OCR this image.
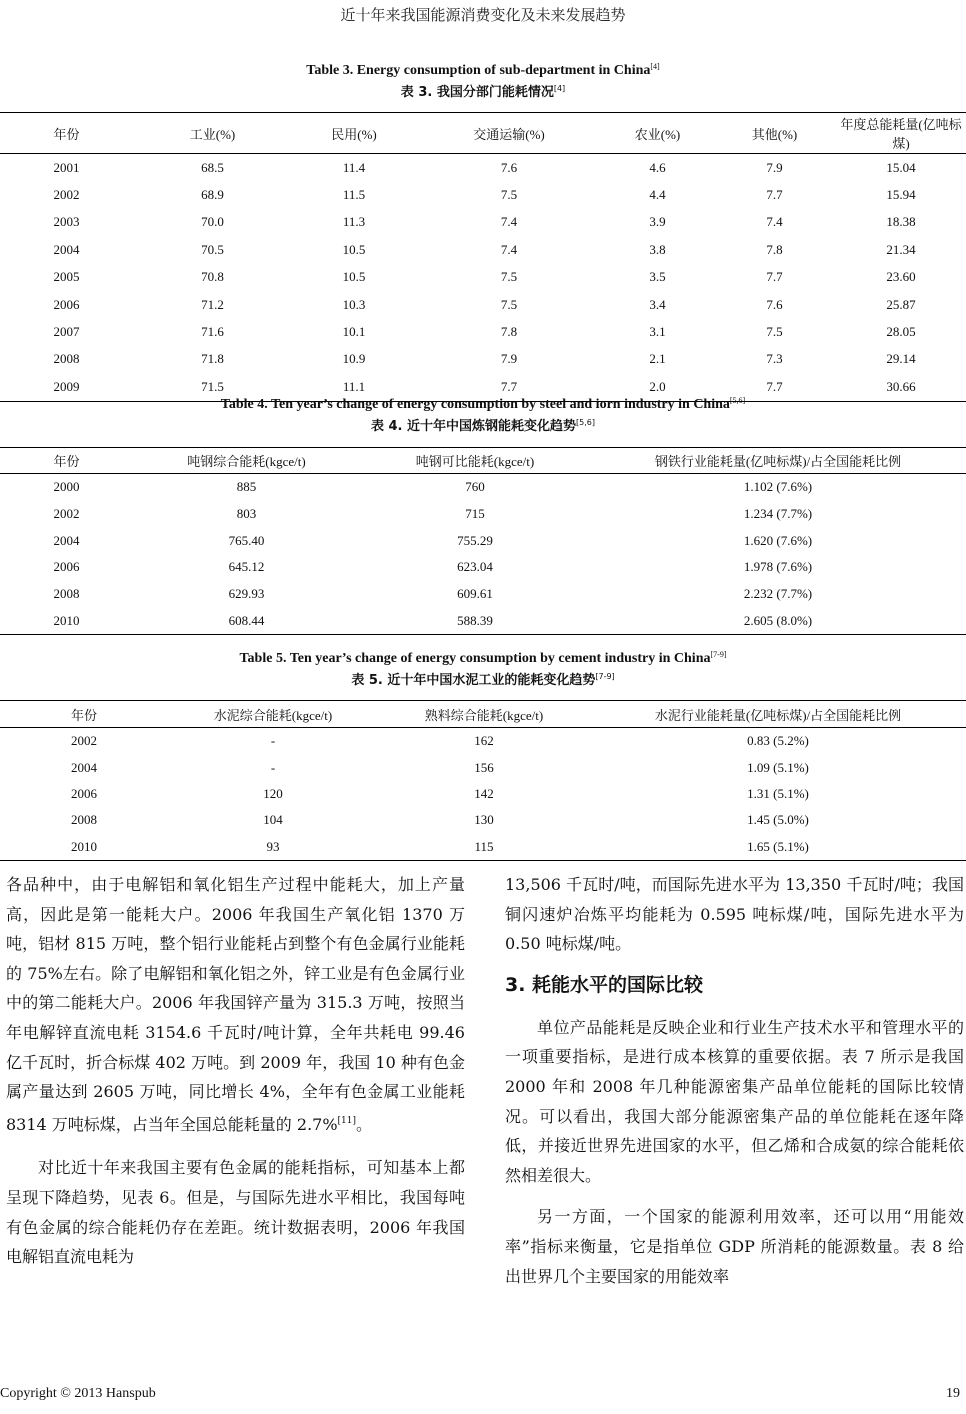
近十年来我国能源消费变化及未来发展趋势
Table 3. Energy consumption of sub-department in China[4]
表 3. 我国分部门能耗情况[4]
年份	工业(%)	民用(%)	交通运输(%)	农业(%)	其他(%)	年度总能耗量(亿吨标煤)
2001	68.5	11.4	7.6	4.6	7.9	15.04
2002	68.9	11.5	7.5	4.4	7.7	15.94
2003	70.0	11.3	7.4	3.9	7.4	18.38
2004	70.5	10.5	7.4	3.8	7.8	21.34
2005	70.8	10.5	7.5	3.5	7.7	23.60
2006	71.2	10.3	7.5	3.4	7.6	25.87
2007	71.6	10.1	7.8	3.1	7.5	28.05
2008	71.8	10.9	7.9	2.1	7.3	29.14
2009	71.5	11.1	7.7	2.0	7.7	30.66
Table 4. Ten year’s change of energy consumption by steel and iorn industry in China[5,6]
表 4. 近十年中国炼钢能耗变化趋势[5,6]
年份	吨钢综合能耗(kgce/t)	吨钢可比能耗(kgce/t)	钢铁行业能耗量(亿吨标煤)/占全国能耗比例
2000	885	760	1.102 (7.6%)
2002	803	715	1.234 (7.7%)
2004	765.40	755.29	1.620 (7.6%)
2006	645.12	623.04	1.978 (7.6%)
2008	629.93	609.61	2.232 (7.7%)
2010	608.44	588.39	2.605 (8.0%)
Table 5. Ten year’s change of energy consumption by cement industry in China[7-9]
表 5. 近十年中国水泥工业的能耗变化趋势[7-9]
年份	水泥综合能耗(kgce/t)	熟料综合能耗(kgce/t)	水泥行业能耗量(亿吨标煤)/占全国能耗比例
2002	-	162	0.83 (5.2%)
2004	-	156	1.09 (5.1%)
2006	120	142	1.31 (5.1%)
2008	104	130	1.45 (5.0%)
2010	93	115	1.65 (5.1%)

各品种中，由于电解铝和氧化铝生产过程中能耗大，加上产量高，因此是第一能耗大户。2006 年我国生产氧化铝 1370 万吨，铝材 815 万吨，整个铝行业能耗占到整个有色金属行业能耗的 75%左右。除了电解铝和氧化铝之外，锌工业是有色金属行业中的第二能耗大户。2006 年我国锌产量为 315.3 万吨，按照当年电解锌直流电耗 3154.6 千瓦时/吨计算，全年共耗电 99.46 亿千瓦时，折合标煤 402 万吨。到 2009 年，我国 10 种有色金属产量达到 2605 万吨，同比增长 4%，全年有色金属工业能耗 8314 万吨标煤，占当年全国总能耗量的 2.7%[11]。

对比近十年来我国主要有色金属的能耗指标，可知基本上都呈现下降趋势，见表 6。但是，与国际先进水平相比，我国每吨有色金属的综合能耗仍存在差距。统计数据表明，2006 年我国电解铝直流电耗为

13,506 千瓦时/吨，而国际先进水平为 13,350 千瓦时/吨；我国铜闪速炉冶炼平均能耗为 0.595 吨标煤/吨，国际先进水平为 0.50 吨标煤/吨。

3. 耗能水平的国际比较

单位产品能耗是反映企业和行业生产技术水平和管理水平的一项重要指标，是进行成本核算的重要依据。表 7 所示是我国 2000 年和 2008 年几种能源密集产品单位能耗的国际比较情况。可以看出，我国大部分能源密集产品的单位能耗在逐年降低，并接近世界先进国家的水平，但乙烯和合成氨的综合能耗依然相差很大。

另一方面，一个国家的能源利用效率，还可以用“用能效率”指标来衡量，它是指单位 GDP 所消耗的能源数量。表 8 给出世界几个主要国家的用能效率

Copyright © 2013 Hanspub	19
